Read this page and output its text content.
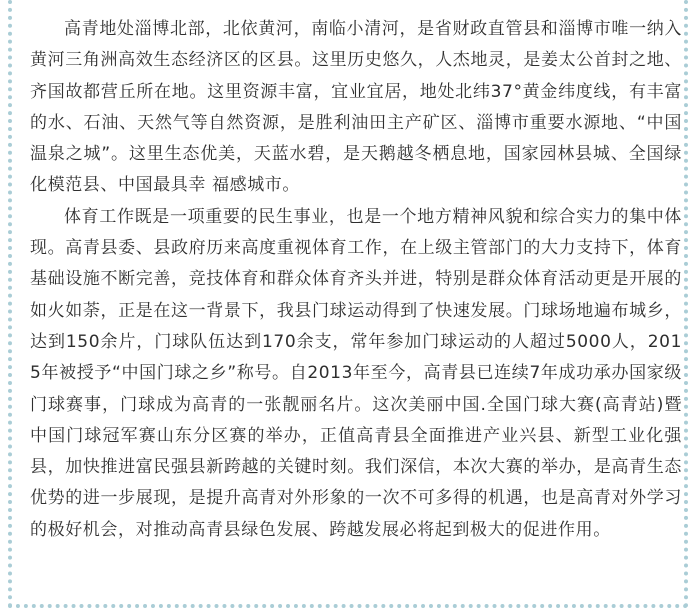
高青地处淄博北部，北依黄河，南临小清河，是省财政直管县和淄博市唯一纳入黄河三角洲高效生态经济区的区县。这里历史悠久，人杰地灵，是姜太公首封之地、齐国故都营丘所在地。这里资源丰富，宜业宜居，地处北纬37°黄金纬度线，有丰富的水、石油、天然气等自然资源，是胜利油田主产矿区、淄博市重要水源地、“中国温泉之城”。这里生态优美，天蓝水碧，是天鹅越冬栖息地，国家园林县城、全国绿化模范县、中国最具幸 福感城市。

体育工作既是一项重要的民生事业，也是一个地方精神风貌和综合实力的集中体现。高青县委、县政府历来高度重视体育工作，在上级主管部门的大力支持下，体育基础设施不断完善，竞技体育和群众体育齐头并进，特别是群众体育活动更是开展的如火如荼，正是在这一背景下，我县门球运动得到了快速发展。门球场地遍布城乡，达到150余片，门球队伍达到170余支，常年参加门球运动的人超过5000人，2015年被授予“中国门球之乡”称号。自2013年至今，高青县已连续7年成功承办国家级门球赛事，门球成为高青的一张靓丽名片。这次美丽中国.全国门球大赛(高青站)暨中国门球冠军赛山东分区赛的举办，正值高青县全面推进产业兴县、新型工业化强县，加快推进富民强县新跨越的关键时刻。我们深信，本次大赛的举办，是高青生态优势的进一步展现，是提升高青对外形象的一次不可多得的机遇，也是高青对外学习的极好机会，对推动高青县绿色发展、跨越发展必将起到极大的促进作用。
